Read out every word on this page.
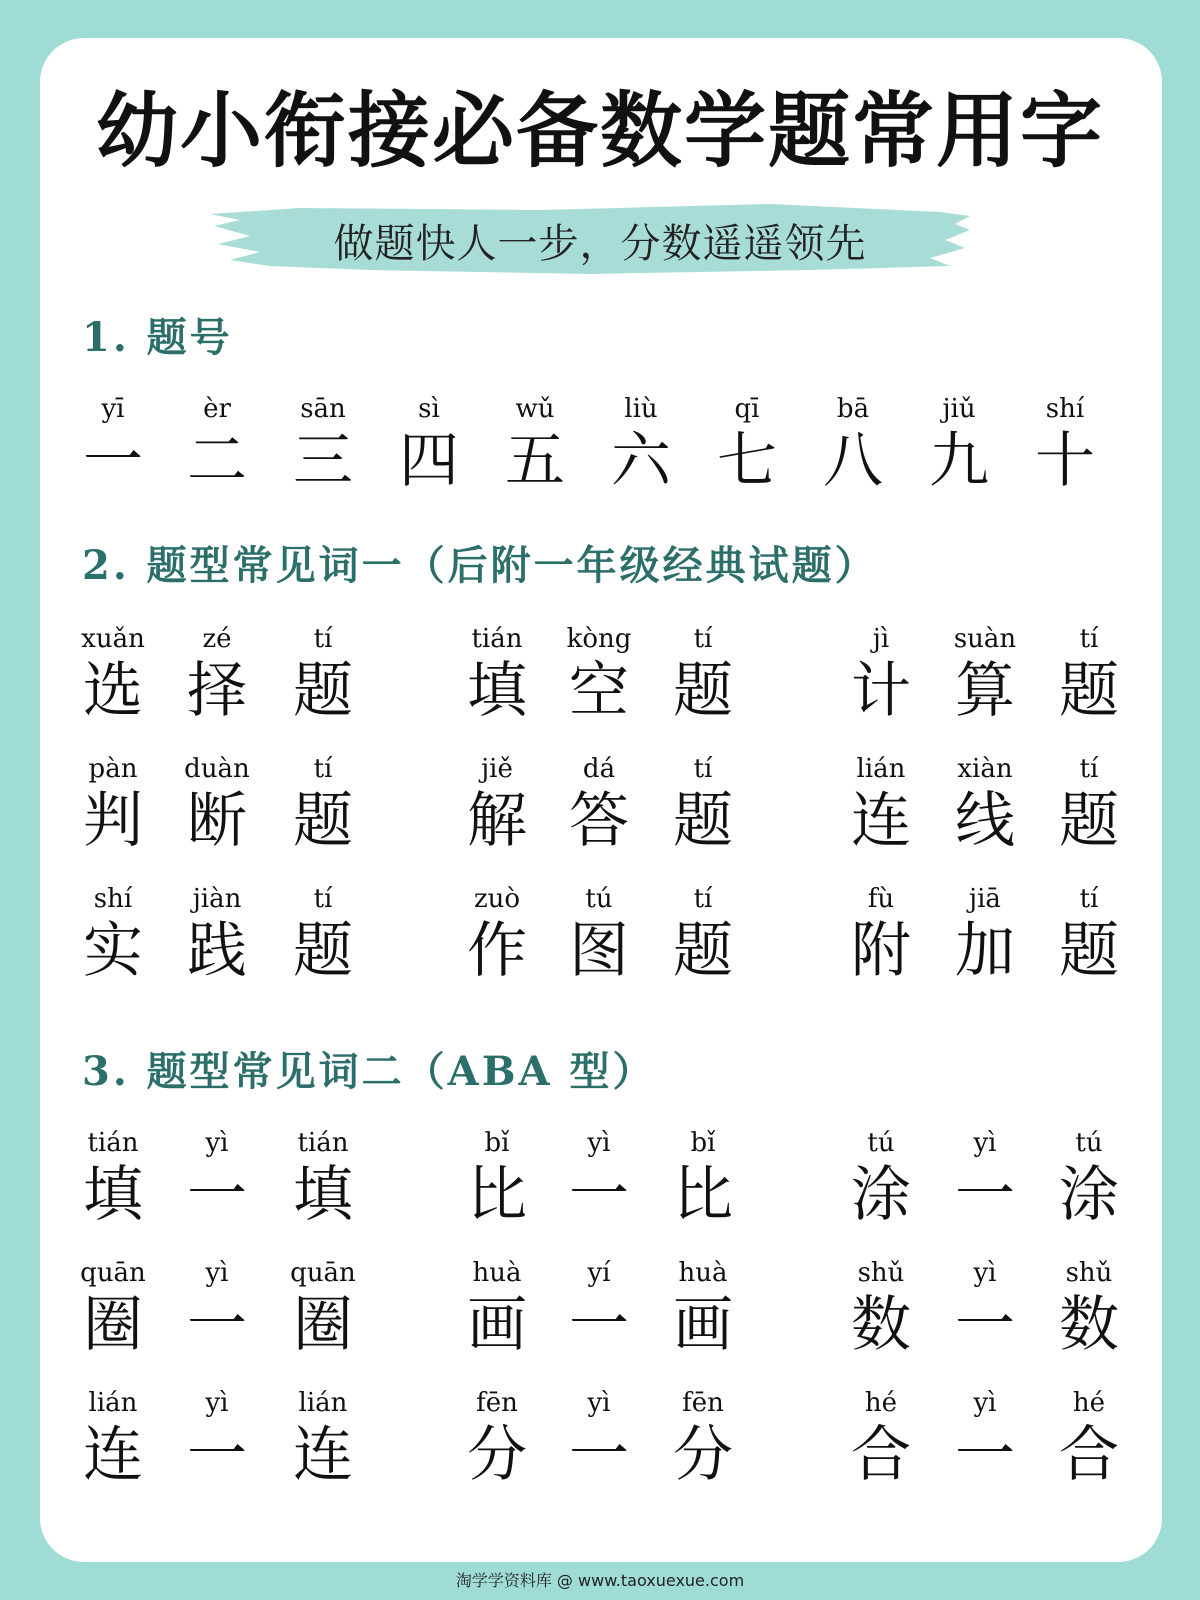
幼小衔接必备数学题常用字
做题快人一步，分数遥遥领先
1. 题号
2. 题型常见词一（后附一年级经典试题）
3. 题型常见词二（ABA 型）
yī
一
èr
二
sān
三
sì
四
wǔ
五
liù
六
qī
七
bā
八
jiǔ
九
shí
十
xuǎn
选
zé
择
tí
题
tián
填
kòng
空
tí
题
jì
计
suàn
算
tí
题
pàn
判
duàn
断
tí
题
jiě
解
dá
答
tí
题
lián
连
xiàn
线
tí
题
shí
实
jiàn
践
tí
题
zuò
作
tú
图
tí
题
fù
附
jiā
加
tí
题
tián
填
yì
一
tián
填
bǐ
比
yì
一
bǐ
比
tú
涂
yì
一
tú
涂
quān
圈
yì
一
quān
圈
huà
画
yí
一
huà
画
shǔ
数
yì
一
shǔ
数
lián
连
yì
一
lián
连
fēn
分
yì
一
fēn
分
hé
合
yì
一
hé
合
淘学学资料库 @ www.taoxuexue.com
